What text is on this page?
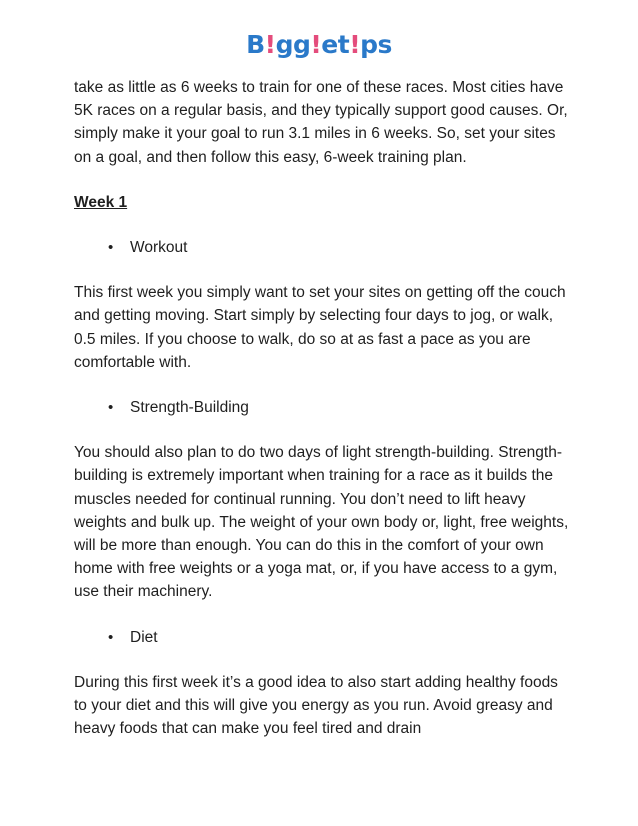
B!gg!et!ps

take as little as 6 weeks to train for one of these races. Most cities have 5K races on a regular basis, and they typically support good causes. Or, simply make it your goal to run 3.1 miles in 6 weeks. So, set your sites on a goal, and then follow this easy, 6-week training plan.

Week 1
•	Workout

This first week you simply want to set your sites on getting off the couch and getting moving. Start simply by selecting four days to jog, or walk, 0.5 miles. If you choose to walk, do so at as fast a pace as you are comfortable with.

•	Strength-Building

You should also plan to do two days of light strength-building. Strength-building is extremely important when training for a race as it builds the muscles needed for continual running. You don’t need to lift heavy weights and bulk up. The weight of your own body or, light, free weights, will be more than enough. You can do this in the comfort of your own home with free weights or a yoga mat, or, if you have access to a gym, use their machinery.

•	Diet

During this first week it’s a good idea to also start adding healthy foods to your diet and this will give you energy as you run. Avoid greasy and heavy foods that can make you feel tired and drain
